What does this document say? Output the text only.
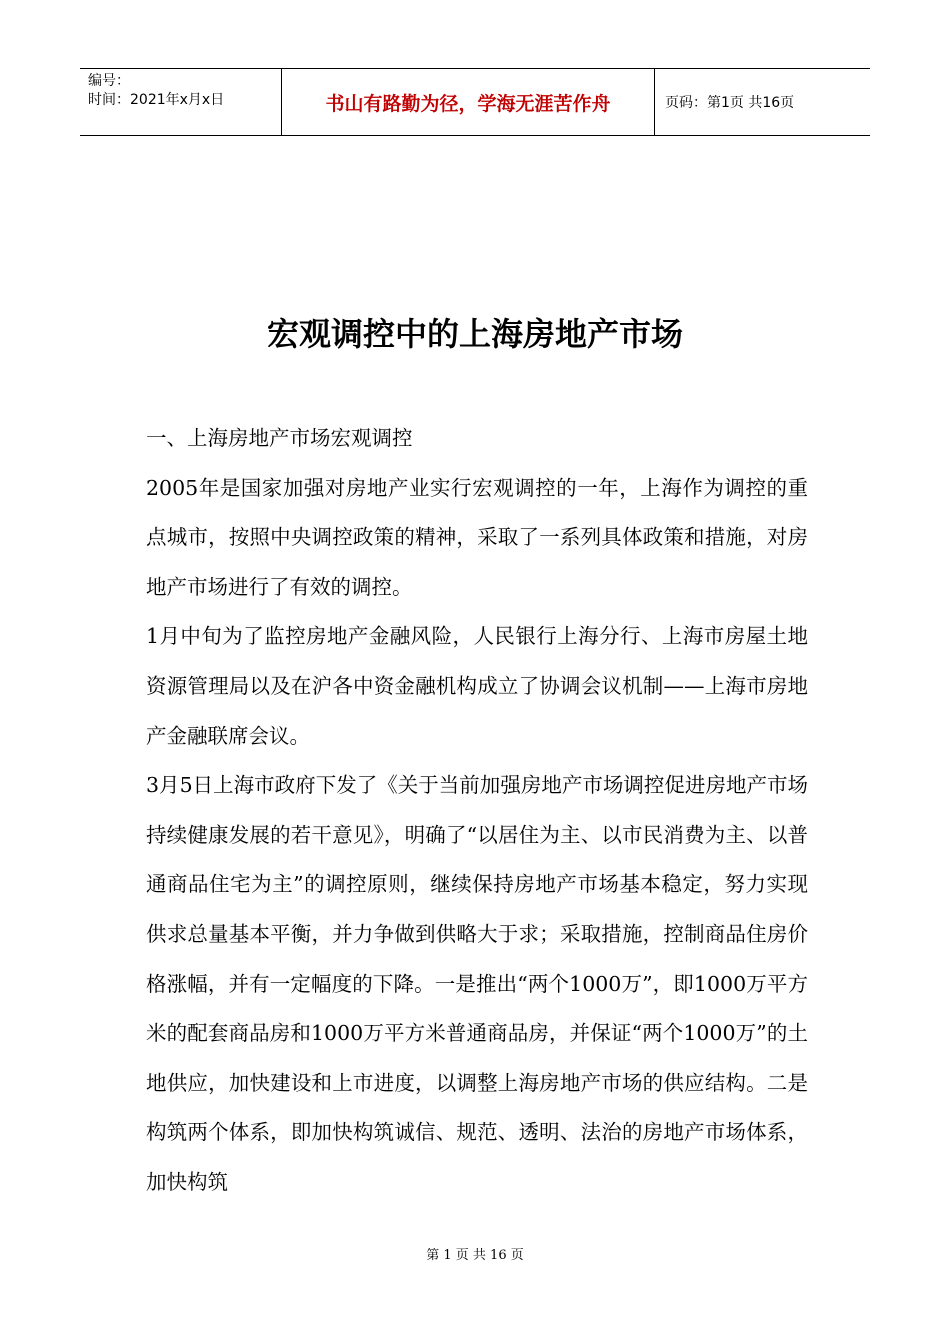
编号：
时间：2021年x月x日	书山有路勤为径，学海无涯苦作舟	页码：第1页 共16页
宏观调控中的上海房地产市场

一、上海房地产市场宏观调控

2005年是国家加强对房地产业实行宏观调控的一年，上海作为调控的重点城市，按照中央调控政策的精神，采取了一系列具体政策和措施，对房地产市场进行了有效的调控。

1月中旬为了监控房地产金融风险，人民银行上海分行、上海市房屋土地资源管理局以及在沪各中资金融机构成立了协调会议机制——上海市房地产金融联席会议。

3月5日上海市政府下发了《关于当前加强房地产市场调控促进房地产市场持续健康发展的若干意见》，明确了“以居住为主、以市民消费为主、以普通商品住宅为主”的调控原则，继续保持房地产市场基本稳定，努力实现供求总量基本平衡，并力争做到供略大于求；采取措施，控制商品住房价格涨幅，并有一定幅度的下降。一是推出“两个1000万”，即1000万平方米的配套商品房和1000万平方米普通商品房，并保证“两个1000万”的土地供应，加快建设和上市进度，以调整上海房地产市场的供应结构。二是构筑两个体系，即加快构筑诚信、规范、透明、法治的房地产市场体系，加快构筑

第 1 页 共 16 页
